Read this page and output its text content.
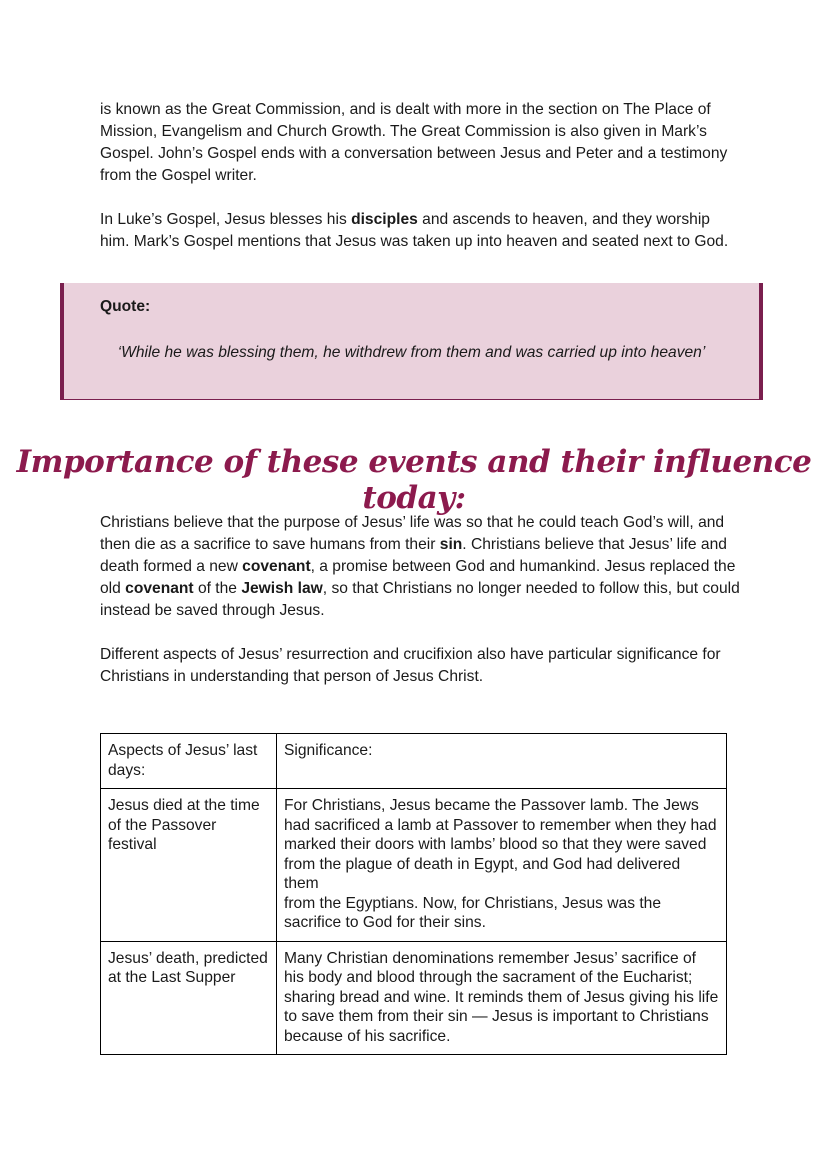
is known as the Great Commission, and is dealt with more in the section on The Place of Mission, Evangelism and Church Growth. The Great Commission is also given in Mark’s Gospel. John’s Gospel ends with a conversation between Jesus and Peter and a testimony from the Gospel writer.

In Luke’s Gospel, Jesus blesses his disciples and ascends to heaven, and they worship him. Mark’s Gospel mentions that Jesus was taken up into heaven and seated next to God.

Quote:
‘While he was blessing them, he withdrew from them and was carried up into heaven’
Importance of these events and their influence today:

Christians believe that the purpose of Jesus’ life was so that he could teach God’s will, and then die as a sacrifice to save humans from their sin. Christians believe that Jesus’ life and death formed a new covenant, a promise between God and humankind. Jesus replaced the old covenant of the Jewish law, so that Christians no longer needed to follow this, but could instead be saved through Jesus.

Different aspects of Jesus’ resurrection and crucifixion also have particular significance for Christians in understanding that person of Jesus Christ.

Aspects of Jesus’ last days:	Significance:
Jesus died at the time of the Passover festival	For Christians, Jesus became the Passover lamb. The Jews had sacrificed a lamb at Passover to remember when they had marked their doors with lambs’ blood so that they were saved from the plague of death in Egypt, and God had delivered them
from the Egyptians. Now, for Christians, Jesus was the sacrifice to God for their sins.

Jesus’ death, predicted at the Last Supper	Many Christian denominations remember Jesus’ sacrifice of his body and blood through the sacrament of the Eucharist; sharing bread and wine. It reminds them of Jesus giving his life to save them from their sin — Jesus is important to Christians
because of his sacrifice.
